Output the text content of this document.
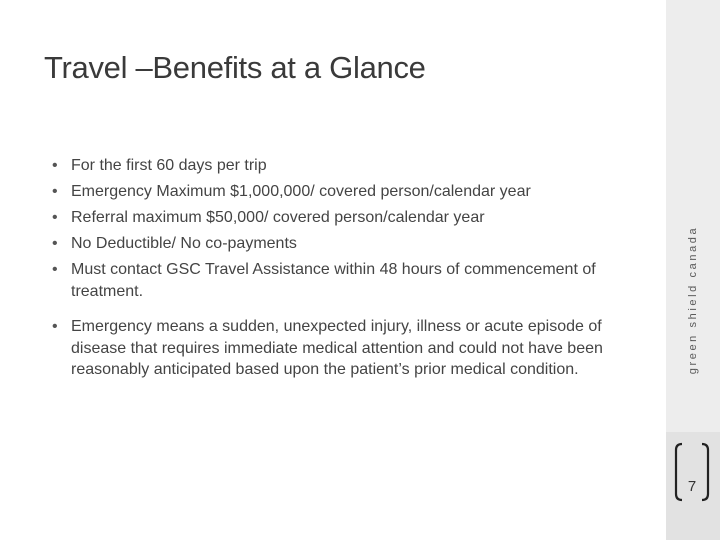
Travel –Benefits at a Glance
• For the first 60 days per trip
• Emergency Maximum $1,000,000/ covered person/calendar year
• Referral maximum $50,000/ covered person/calendar year
• No Deductible/ No co-payments
• Must contact GSC Travel Assistance within 48 hours of commencement of treatment.
• Emergency means a sudden, unexpected injury, illness or acute episode of disease that requires immediate medical attention and could not have been reasonably anticipated based upon the patient’s prior medical condition.	green shield canada
7
